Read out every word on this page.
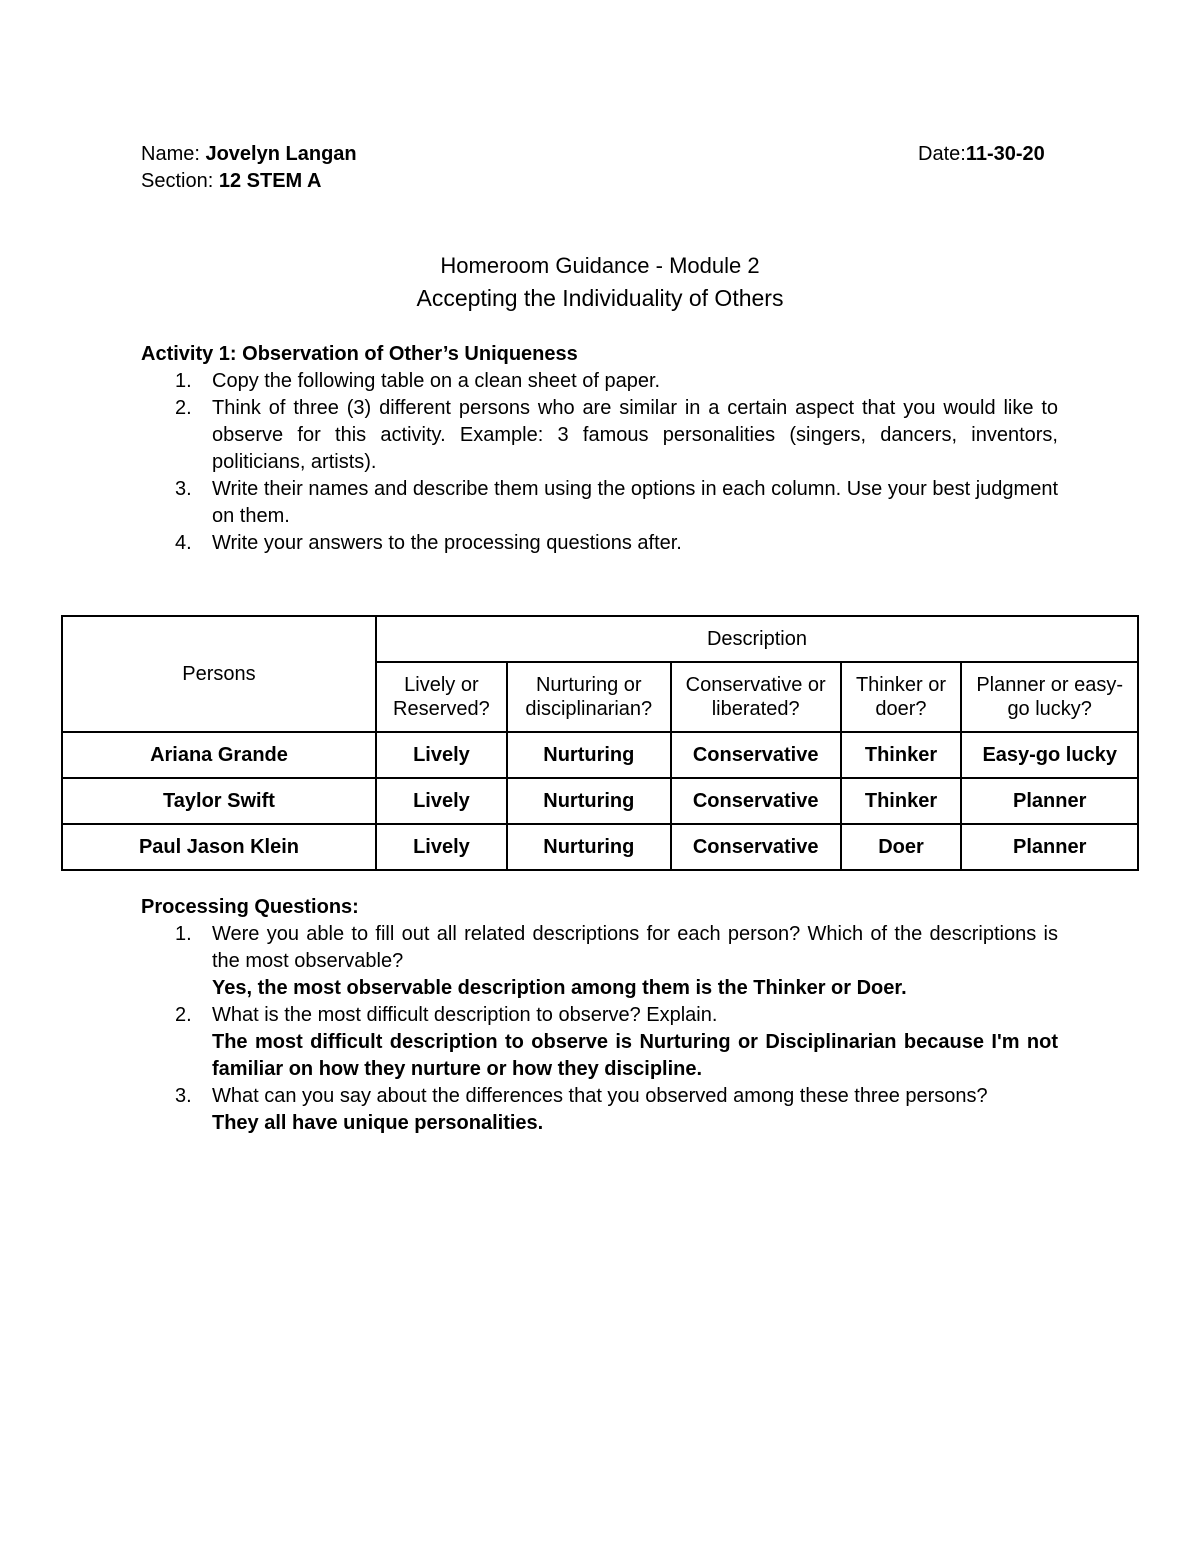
Name: Jovelyn Langan	Date:11-30-20
Section: 12 STEM A
Homeroom Guidance - Module 2
Accepting the Individuality of Others
Activity 1: Observation of Other’s Uniqueness
1. Copy the following table on a clean sheet of paper.
2. Think of three (3) different persons who are similar in a certain aspect that you would like to observe for this activity. Example: 3 famous personalities (singers, dancers, inventors, politicians, artists).
3. Write their names and describe them using the options in each column. Use your best judgment on them.
4. Write your answers to the processing questions after.
Persons	Description				
	Lively or Reserved?	Nurturing or disciplinarian?	Conservative or liberated?	Thinker or doer?	Planner or easy-go lucky?
Ariana Grande	Lively	Nurturing	Conservative	Thinker	Easy-go lucky
Taylor Swift	Lively	Nurturing	Conservative	Thinker	Planner
Paul Jason Klein	Lively	Nurturing	Conservative	Doer	Planner
Processing Questions:
1. Were you able to fill out all related descriptions for each person? Which of the descriptions is the most observable?
Yes, the most observable description among them is the Thinker or Doer.
2. What is the most difficult description to observe? Explain.
The most difficult description to observe is Nurturing or Disciplinarian because I'm not familiar on how they nurture or how they discipline.
3. What can you say about the differences that you observed among these three persons?
They all have unique personalities.
